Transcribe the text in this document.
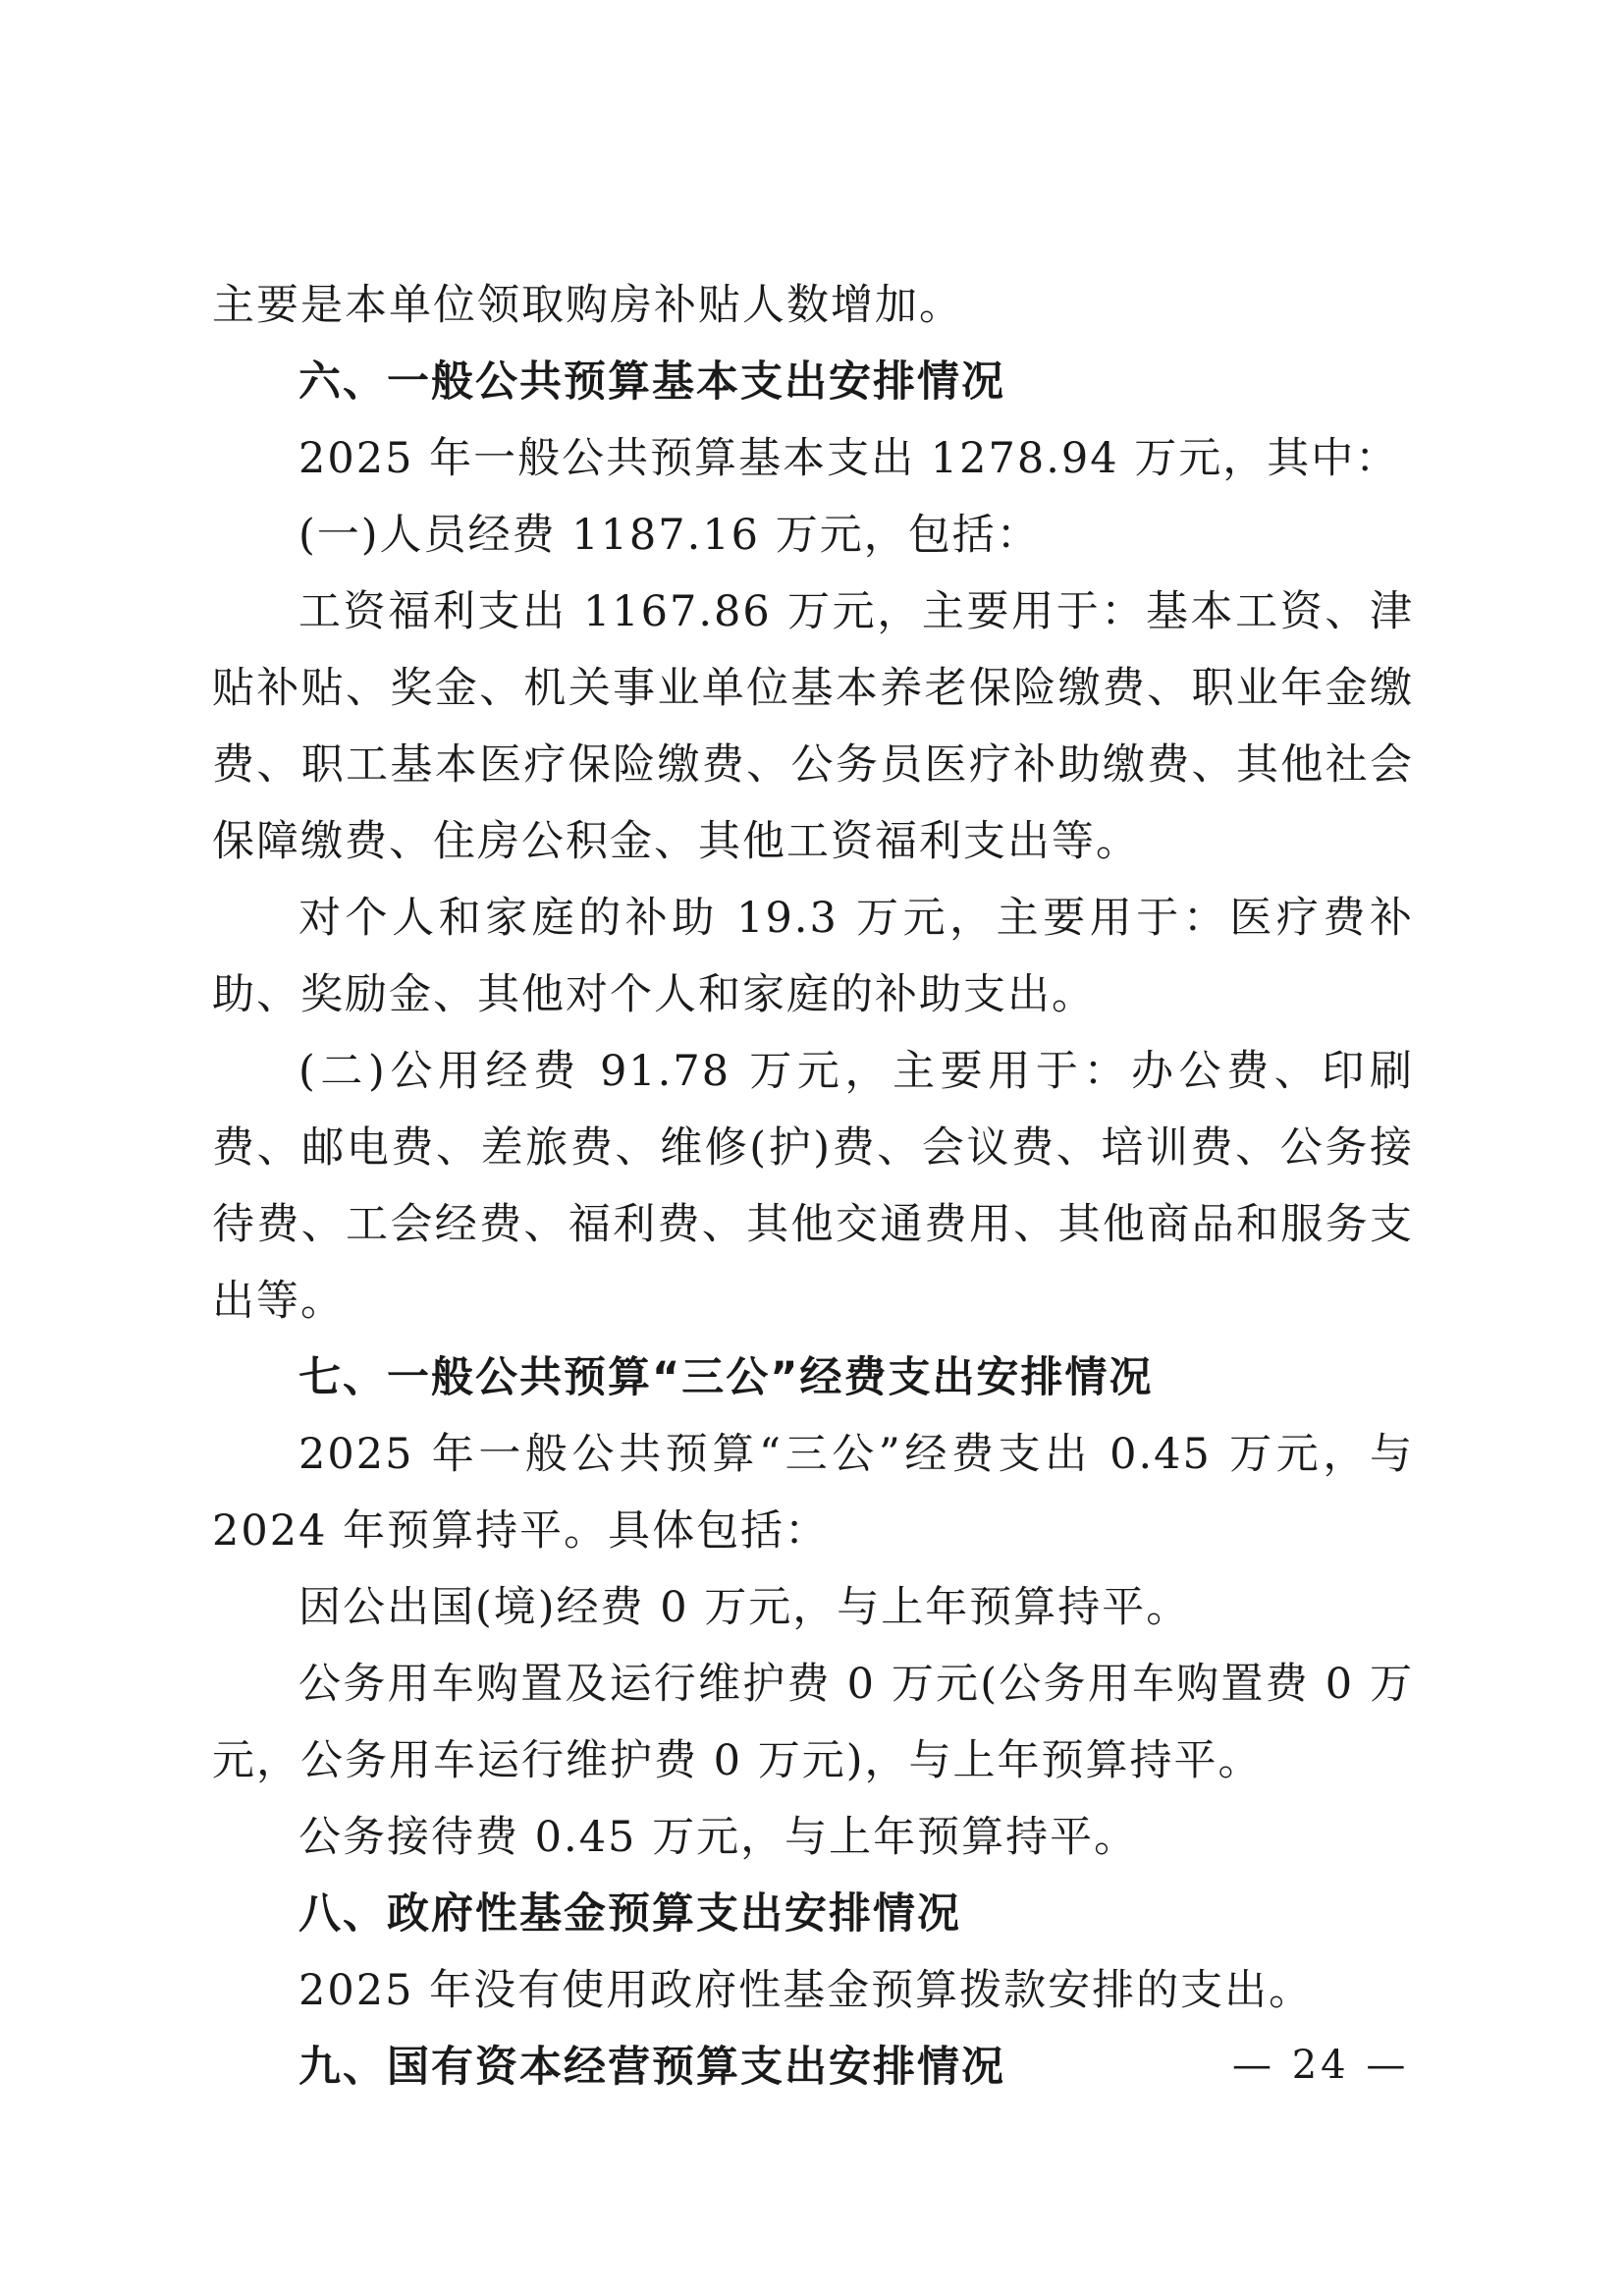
主要是本单位领取购房补贴人数增加。

六、一般公共预算基本支出安排情况

2025 年一般公共预算基本支出 1278.94 万元，其中：

(一)人员经费 1187.16 万元，包括：

工资福利支出 1167.86 万元，主要用于：基本工资、津贴补贴、奖金、机关事业单位基本养老保险缴费、职业年金缴费、职工基本医疗保险缴费、公务员医疗补助缴费、其他社会保障缴费、住房公积金、其他工资福利支出等。

对个人和家庭的补助 19.3 万元，主要用于：医疗费补助、奖励金、其他对个人和家庭的补助支出。

(二)公用经费 91.78 万元，主要用于：办公费、印刷费、邮电费、差旅费、维修(护)费、会议费、培训费、公务接待费、工会经费、福利费、其他交通费用、其他商品和服务支出等。

七、一般公共预算“三公”经费支出安排情况

2025 年一般公共预算“三公”经费支出 0.45 万元，与 2024 年预算持平。具体包括：

因公出国(境)经费 0 万元，与上年预算持平。

公务用车购置及运行维护费 0 万元(公务用车购置费 0 万元，公务用车运行维护费 0 万元)，与上年预算持平。

公务接待费 0.45 万元，与上年预算持平。

八、政府性基金预算支出安排情况

2025 年没有使用政府性基金预算拨款安排的支出。

九、国有资本经营预算支出安排情况	— 24 —
